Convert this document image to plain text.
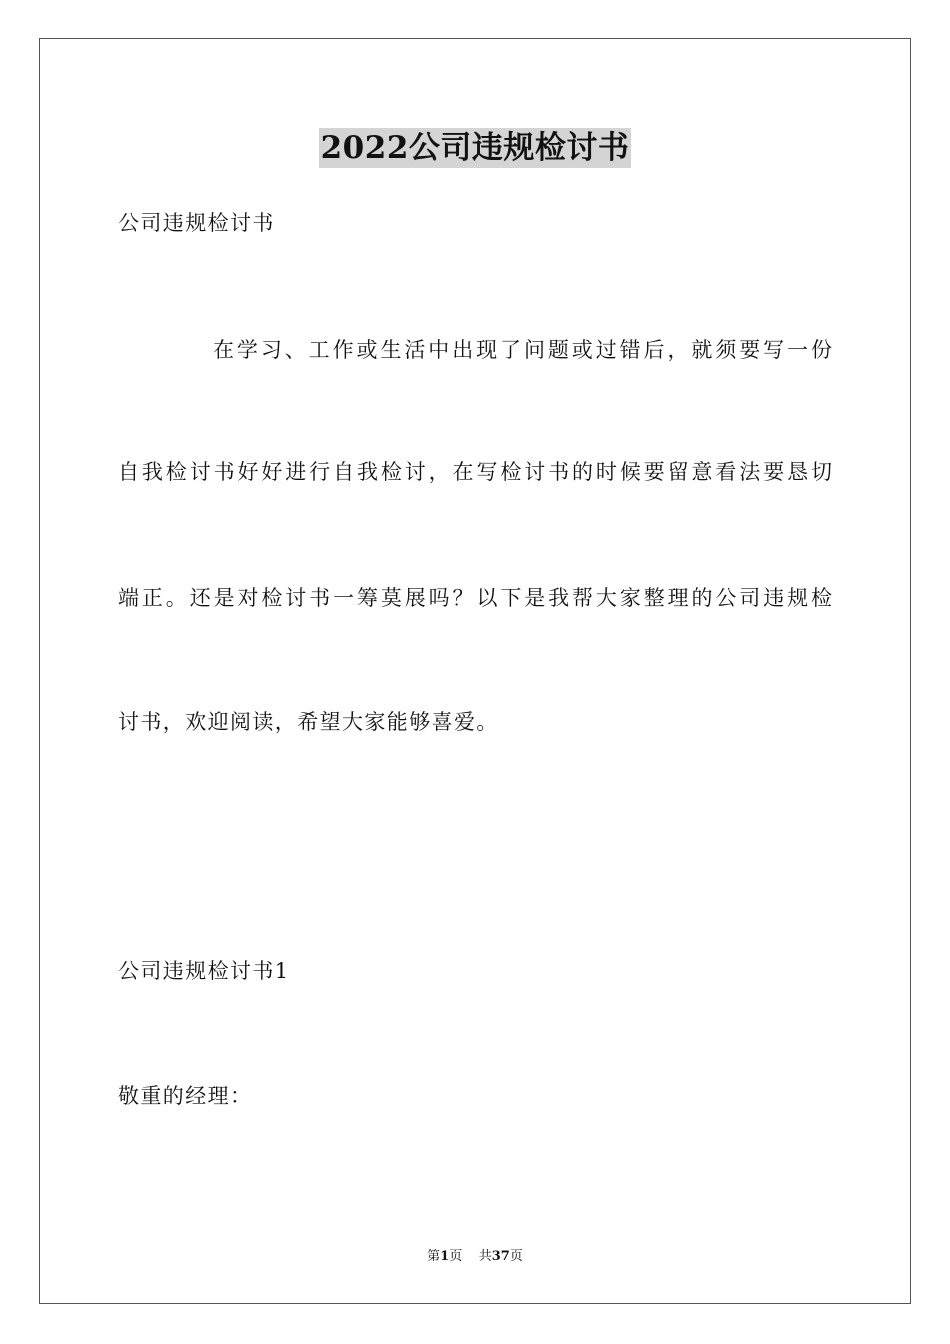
2022公司违规检讨书
公司违规检讨书
在学习、工作或生活中出现了问题或过错后，就须要写一份
自我检讨书好好进行自我检讨，在写检讨书的时候要留意看法要恳切
端正。还是对检讨书一筹莫展吗？以下是我帮大家整理的公司违规检
讨书，欢迎阅读，希望大家能够喜爱。
公司违规检讨书1
敬重的经理：
第1页 共37页
